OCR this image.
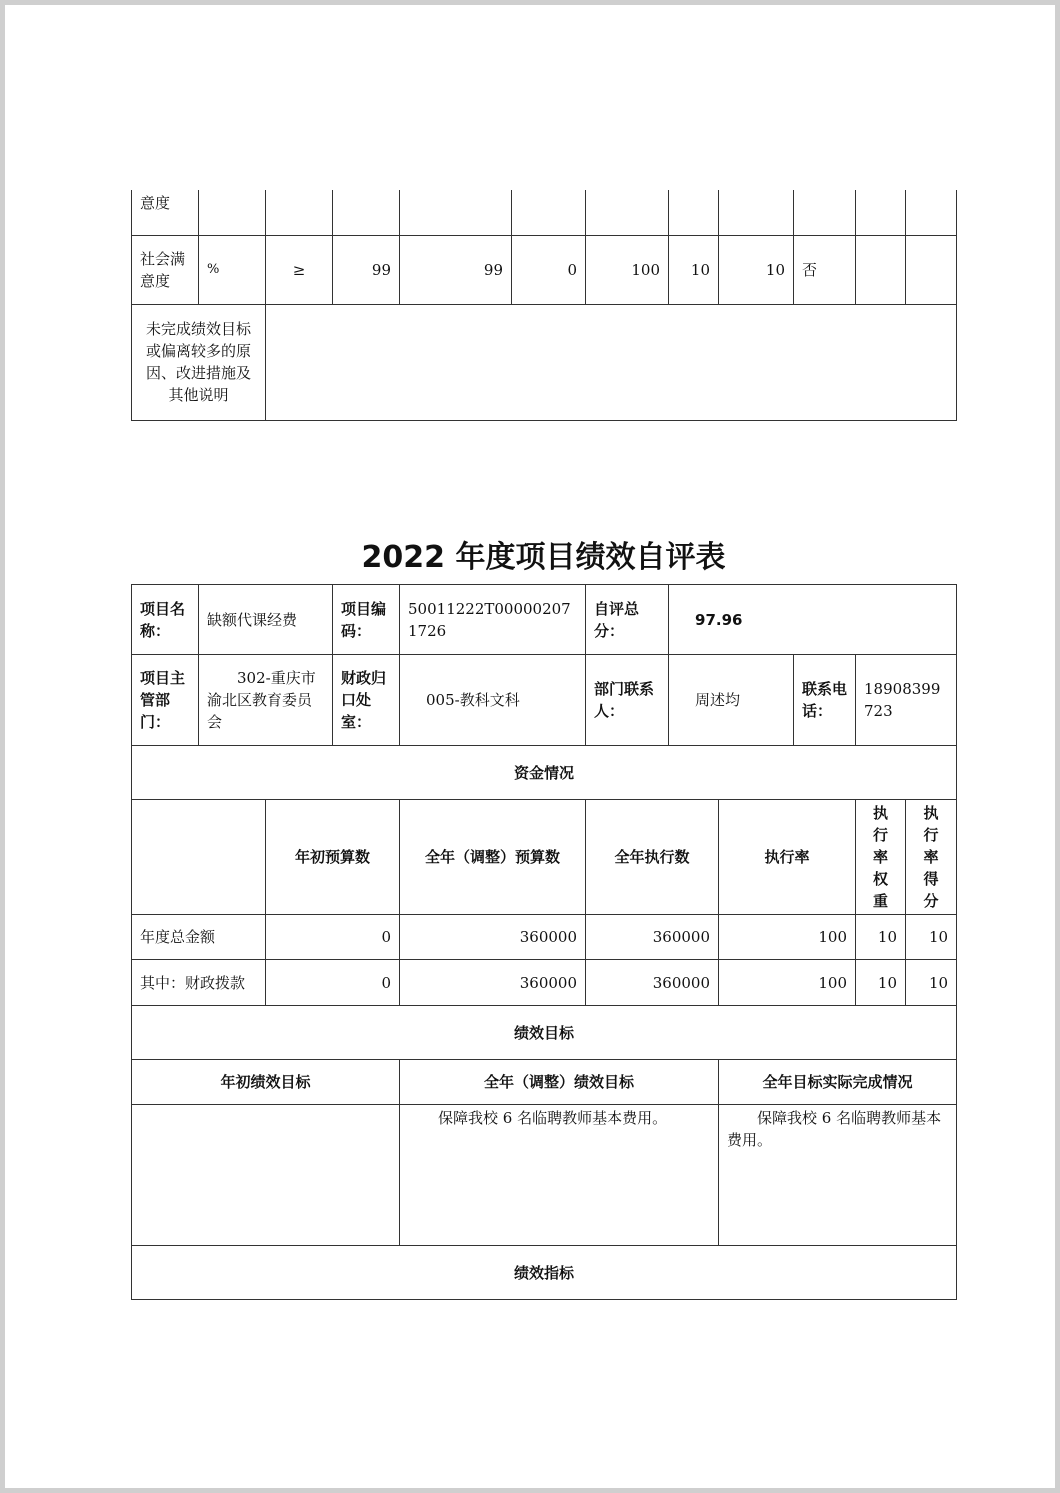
意度											
社会满意度	%	≥	99	99	0	100	10	10	否		
未完成绩效目标或偏离较多的原因、改进措施及其他说明											
2022 年度项目绩效自评表
项目名称：	缺额代课经费		项目编码：	50011222T000002071726	自评总分：	97.96				
项目主管部门：	302-重庆市渝北区教育委员会		财政归口处室：	005-教科文科	部门联系人：	周述均		联系电话：	18908399723	
资金情况										
		年初预算数		全年（调整）预算数	全年执行数		执行率		执行率权重	执行率得分
年度总金额		0		360000	360000		100		10	10
其中：财政拨款		0		360000	360000		100		10	10
绩效目标										
年初绩效目标				全年（调整）绩效目标			全年目标实际完成情况			
				保障我校 6 名临聘教师基本费用。			保障我校 6 名临聘教师基本费用。			
绩效指标										
